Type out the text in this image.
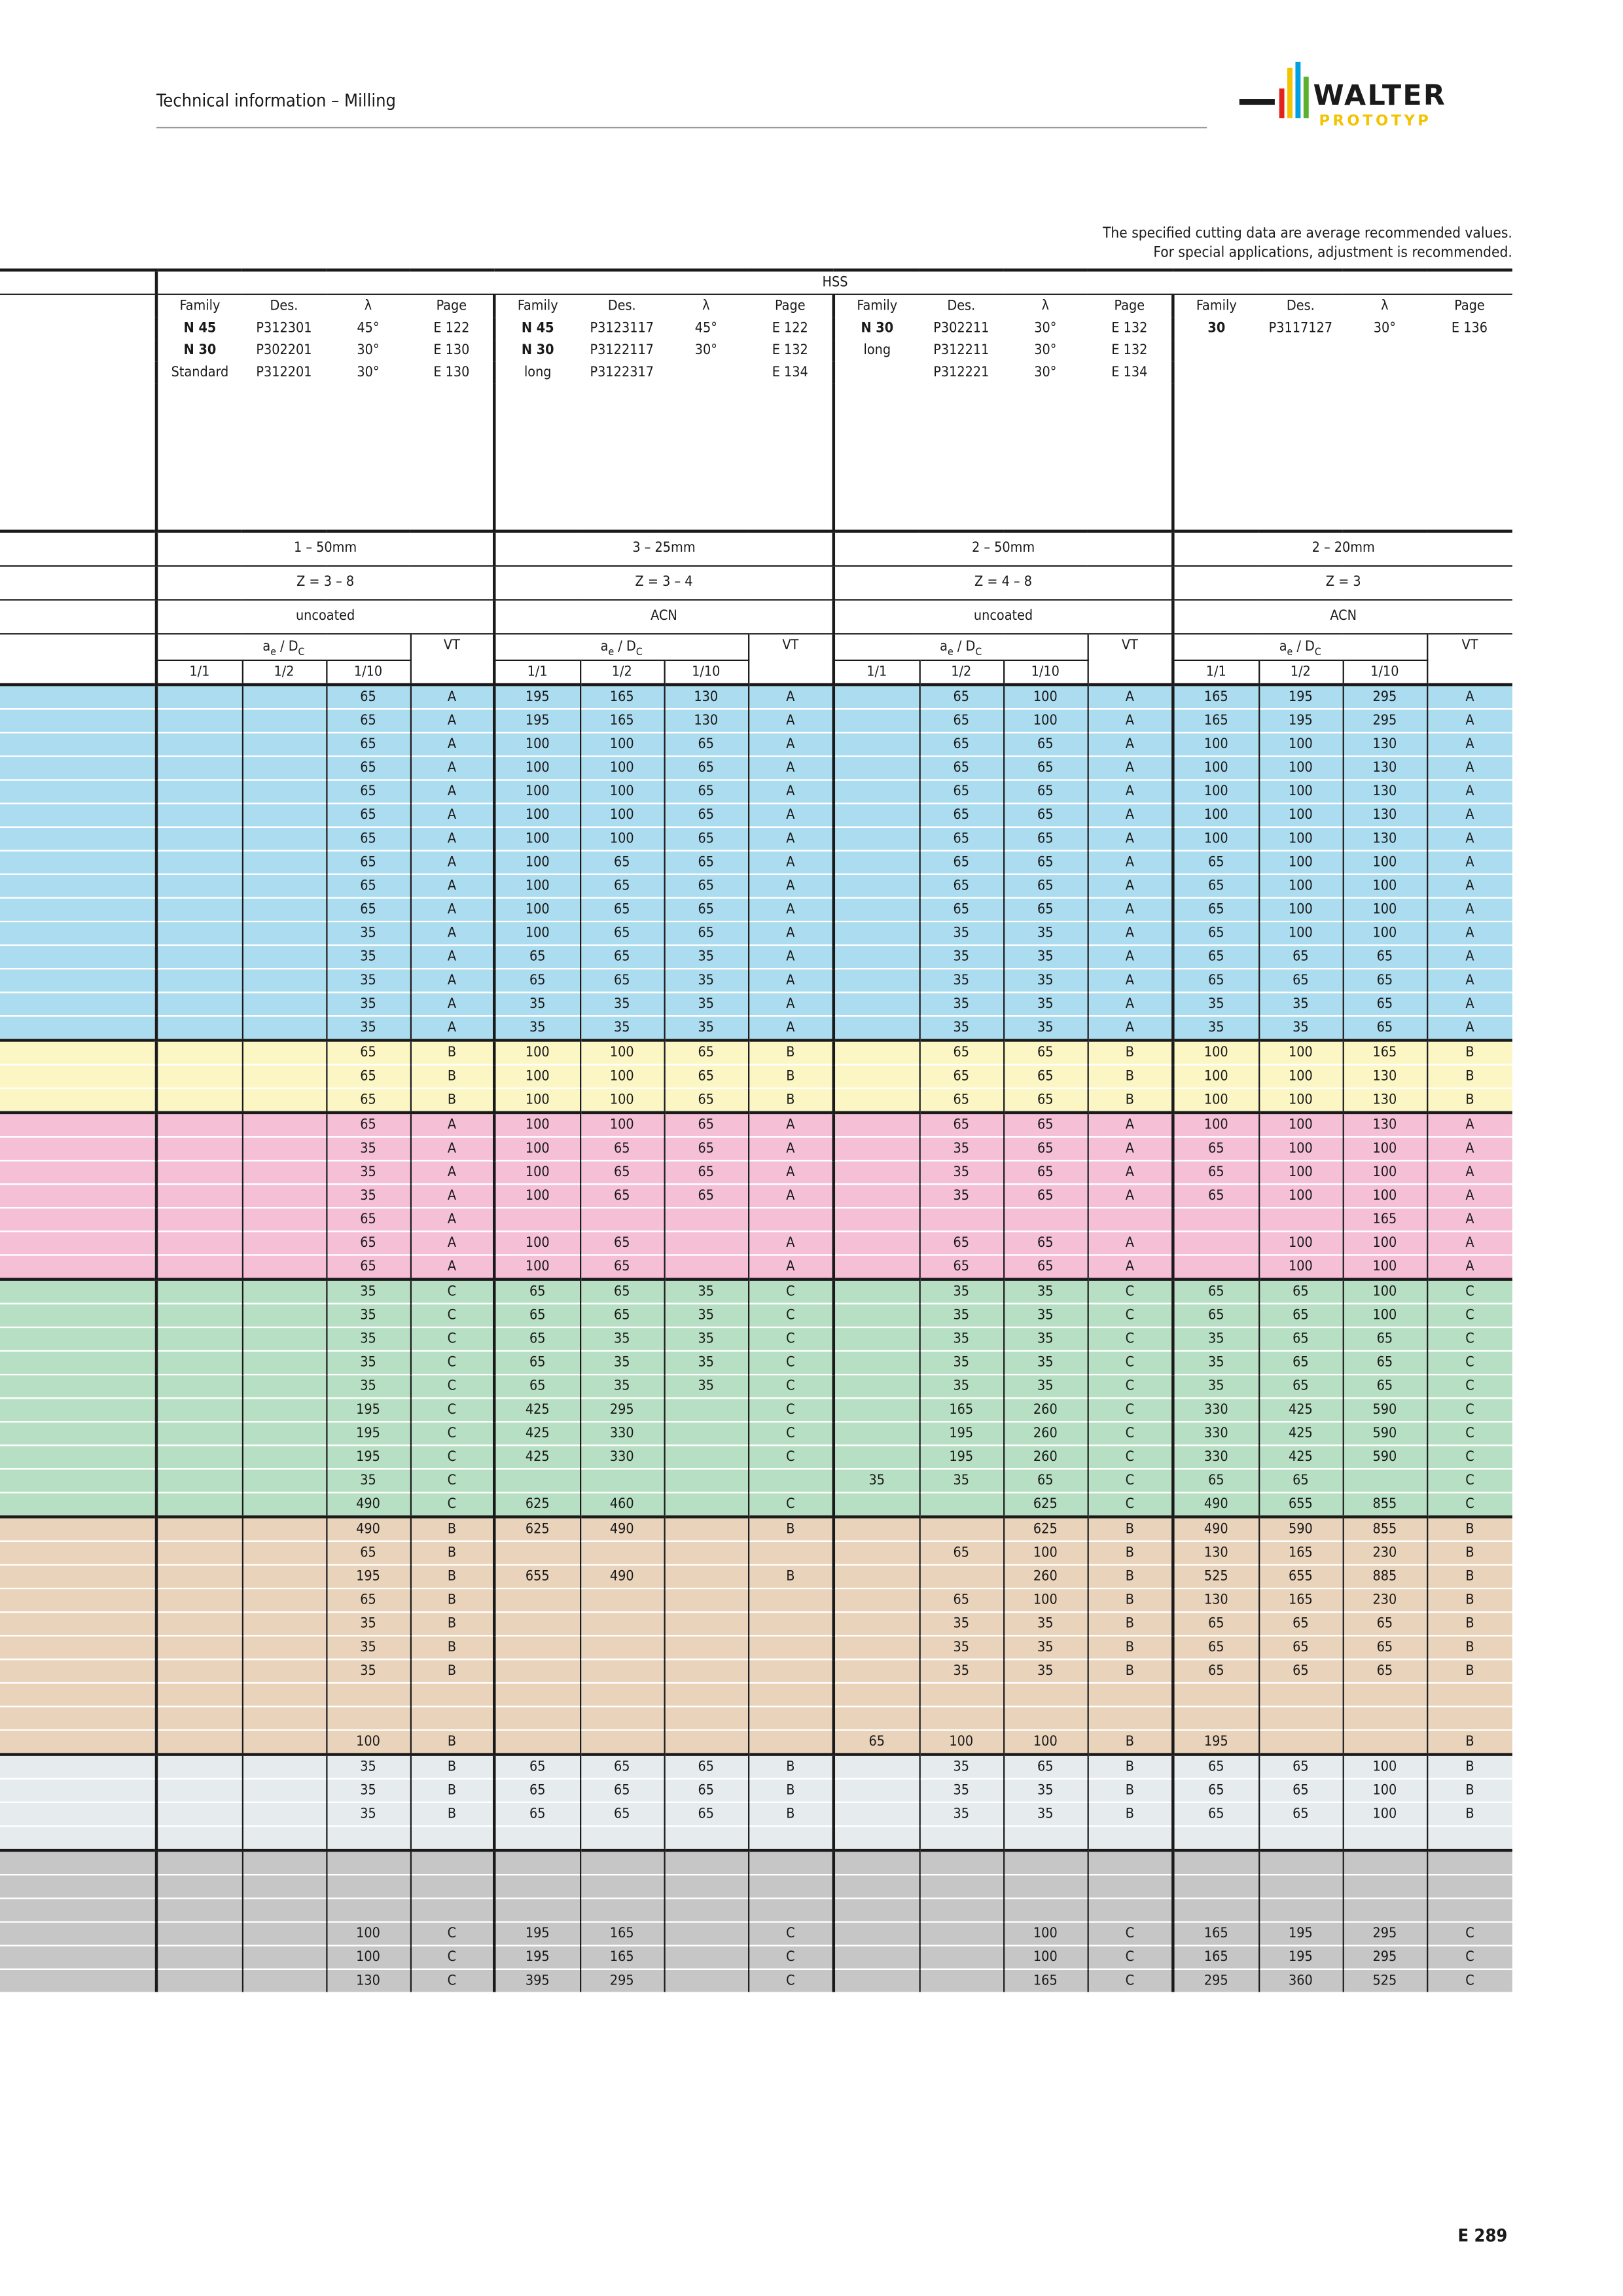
Technical information – Milling	WALTER
PROTOTYP
The specified cutting data are average recommended values.
For special applications, adjustment is recommended.
	HSS															
	Family	Des.	λ	Page	Family	Des.	λ	Page	Family	Des.	λ	Page	Family	Des.	λ	Page
	N 45	P312301	45°	E 122	N 45	P3123117	45°	E 122	N 30	P302211	30°	E 132	30	P3117127	30°	E 136
	N 30	P302201	30°	E 130	N 30	P3122117	30°	E 132	long	P312211	30°	E 132				
	Standard	P312201	30°	E 130	long	P3122317		E 134		P312221	30°	E 134				

	1 – 50mm				3 – 25mm				2 – 50mm				2 – 20mm			
	Z = 3 – 8				Z = 3 – 4				Z = 4 – 8				Z = 3			
	uncoated				ACN				uncoated				ACN			
	$a_e / D_C$			VT	$a_e / D_C$			VT	$a_e / D_C$			VT	$a_e / D_C$			VT
	1/1	1/2	1/10		1/1	1/2	1/10		1/1	1/2	1/10		1/1	1/2	1/10	
			65	A	195	165	130	A		65	100	A	165	195	295	A
			65	A	195	165	130	A		65	100	A	165	195	295	A
			65	A	100	100	65	A		65	65	A	100	100	130	A
			65	A	100	100	65	A		65	65	A	100	100	130	A
			65	A	100	100	65	A		65	65	A	100	100	130	A
			65	A	100	100	65	A		65	65	A	100	100	130	A
			65	A	100	100	65	A		65	65	A	100	100	130	A
			65	A	100	65	65	A		65	65	A	65	100	100	A
			65	A	100	65	65	A		65	65	A	65	100	100	A
			65	A	100	65	65	A		65	65	A	65	100	100	A
			35	A	100	65	65	A		35	35	A	65	100	100	A
			35	A	65	65	35	A		35	35	A	65	65	65	A
			35	A	65	65	35	A		35	35	A	65	65	65	A
			35	A	35	35	35	A		35	35	A	35	35	65	A
			35	A	35	35	35	A		35	35	A	35	35	65	A
			65	B	100	100	65	B		65	65	B	100	100	165	B
			65	B	100	100	65	B		65	65	B	100	100	130	B
			65	B	100	100	65	B		65	65	B	100	100	130	B
			65	A	100	100	65	A		65	65	A	100	100	130	A
			35	A	100	65	65	A		35	65	A	65	100	100	A
			35	A	100	65	65	A		35	65	A	65	100	100	A
			35	A	100	65	65	A		35	65	A	65	100	100	A
			65	A											165	A
			65	A	100	65		A		65	65	A		100	100	A
			65	A	100	65		A		65	65	A		100	100	A
			35	C	65	65	35	C		35	35	C	65	65	100	C
			35	C	65	65	35	C		35	35	C	65	65	100	C
			35	C	65	35	35	C		35	35	C	35	65	65	C
			35	C	65	35	35	C		35	35	C	35	65	65	C
			35	C	65	35	35	C		35	35	C	35	65	65	C
			195	C	425	295		C		165	260	C	330	425	590	C
			195	C	425	330		C		195	260	C	330	425	590	C
			195	C	425	330		C		195	260	C	330	425	590	C
			35	C					35	35	65	C	65	65		C
			490	C	625	460		C			625	C	490	655	855	C
			490	B	625	490		B			625	B	490	590	855	B
			65	B						65	100	B	130	165	230	B
			195	B	655	490		B			260	B	525	655	885	B
			65	B						65	100	B	130	165	230	B
			35	B						35	35	B	65	65	65	B
			35	B						35	35	B	65	65	65	B
			35	B						35	35	B	65	65	65	B

			100	B					65	100	100	B	195			B
			35	B	65	65	65	B		35	65	B	65	65	100	B
			35	B	65	65	65	B		35	35	B	65	65	100	B
			35	B	65	65	65	B		35	35	B	65	65	100	B

			100	C	195	165		C			100	C	165	195	295	C
			100	C	195	165		C			100	C	165	195	295	C
			130	C	395	295		C			165	C	295	360	525	C
E 289
